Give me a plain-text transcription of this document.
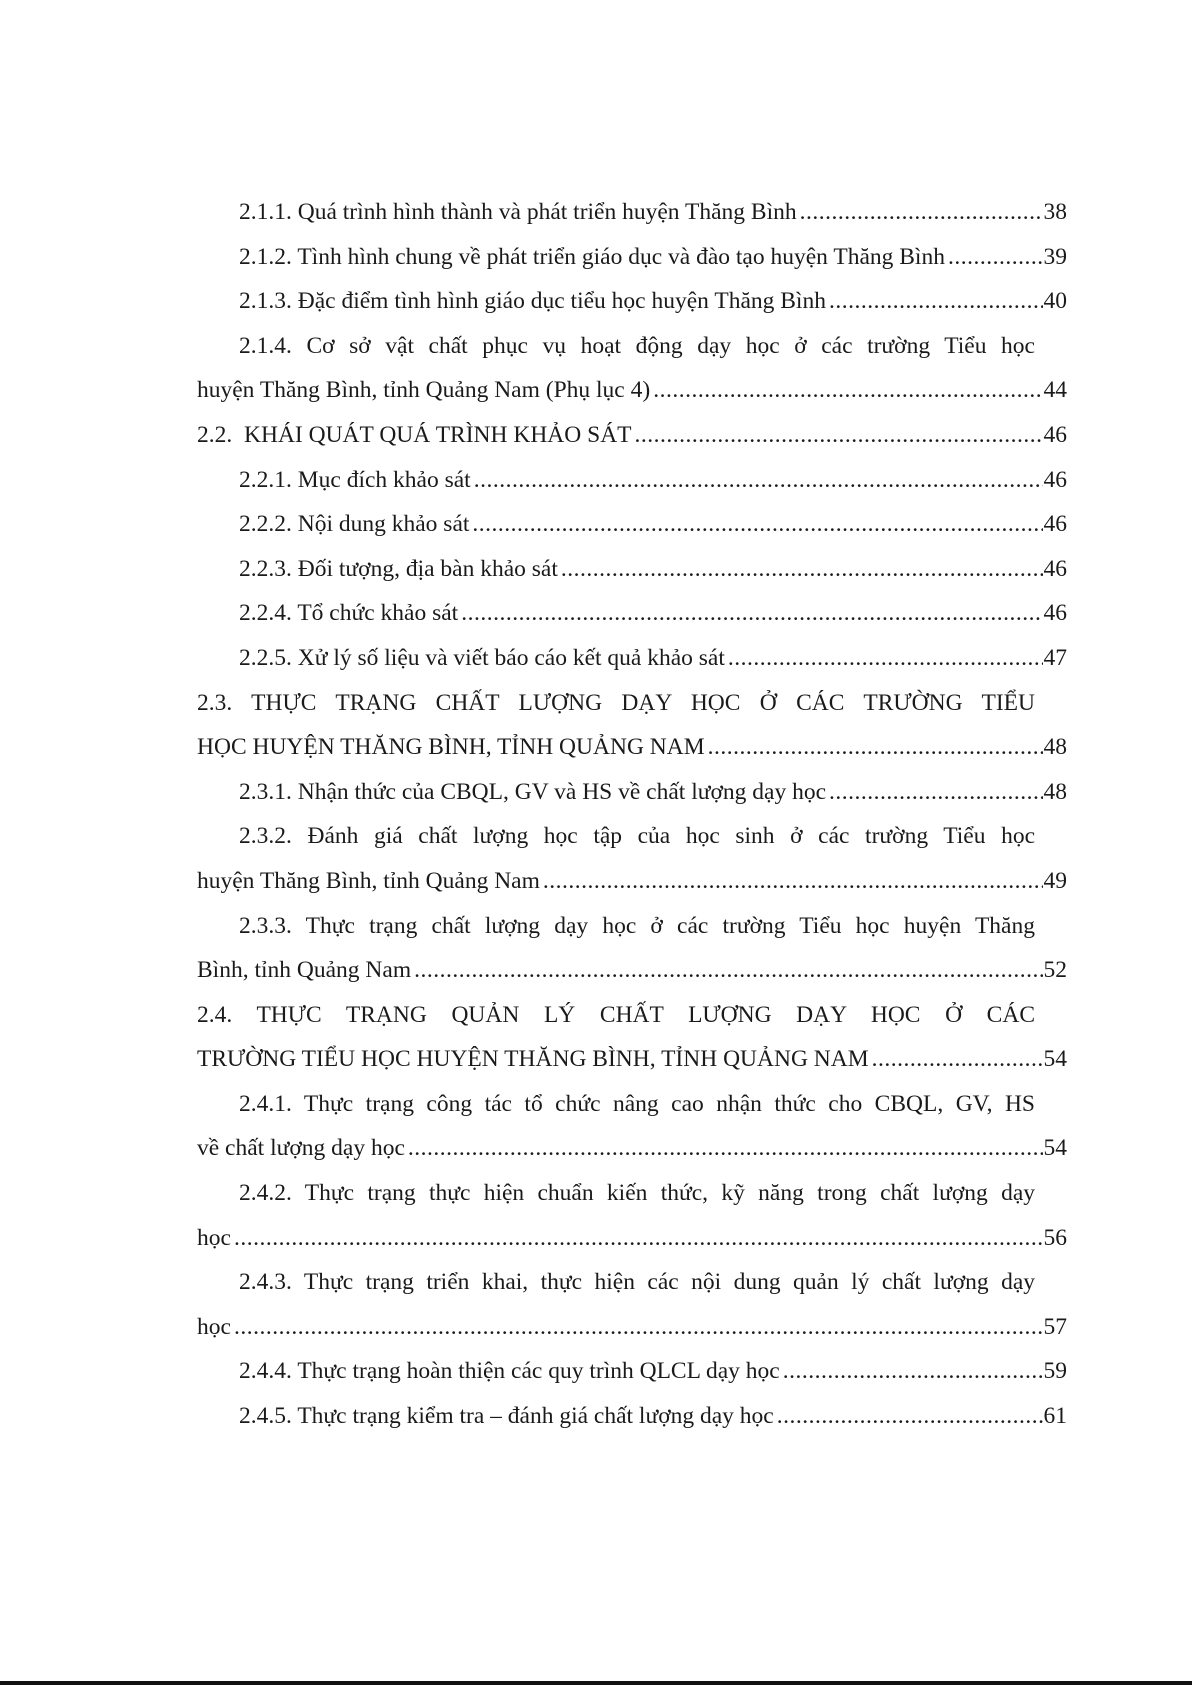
2.1.1. Quá trình hình thành và phát triển huyện Thăng Bình .....	38
2.1.2. Tình hình chung về phát triển giáo dục và đào tạo huyện Thăng Bình .....	39
2.1.3. Đặc điểm tình hình giáo dục tiểu học huyện Thăng Bình .....	40
2.1.4. Cơ sở vật chất phục vụ hoạt động dạy học ở các trường Tiểu học
huyện Thăng Bình, tỉnh Quảng Nam (Phụ lục 4) .....	44
2.2.  KHÁI QUÁT QUÁ TRÌNH KHẢO SÁT .....	46
2.2.1. Mục đích khảo sát .....	46
2.2.2. Nội dung khảo sát .....	46
2.2.3. Đối tượng, địa bàn khảo sát .....	46
2.2.4. Tổ chức khảo sát .....	46
2.2.5. Xử lý số liệu và viết báo cáo kết quả khảo sát .....	47
2.3. THỰC TRẠNG CHẤT LƯỢNG DẠY HỌC Ở CÁC TRƯỜNG TIỂU
HỌC HUYỆN THĂNG BÌNH, TỈNH QUẢNG NAM .....	48
2.3.1. Nhận thức của CBQL, GV và HS về chất lượng dạy học .....	48
2.3.2. Đánh giá chất lượng học tập của học sinh ở các trường Tiểu học
huyện Thăng Bình, tỉnh Quảng Nam .....	49
2.3.3. Thực trạng chất lượng dạy học ở các trường Tiểu học huyện Thăng
Bình, tỉnh Quảng Nam .....	52
2.4. THỰC TRẠNG QUẢN LÝ CHẤT LƯỢNG DẠY HỌC Ở CÁC
TRƯỜNG TIỂU HỌC HUYỆN THĂNG BÌNH, TỈNH QUẢNG NAM .....	54
2.4.1. Thực trạng công tác tổ chức nâng cao nhận thức cho CBQL, GV, HS
về chất lượng dạy học .....	54
2.4.2. Thực trạng thực hiện chuẩn kiến thức, kỹ năng trong chất lượng dạy
học .....	56
2.4.3. Thực trạng triển khai, thực hiện các nội dung quản lý chất lượng dạy
học .....	57
2.4.4. Thực trạng hoàn thiện các quy trình QLCL dạy học .....	59
2.4.5. Thực trạng kiểm tra – đánh giá chất lượng dạy học .....	61
